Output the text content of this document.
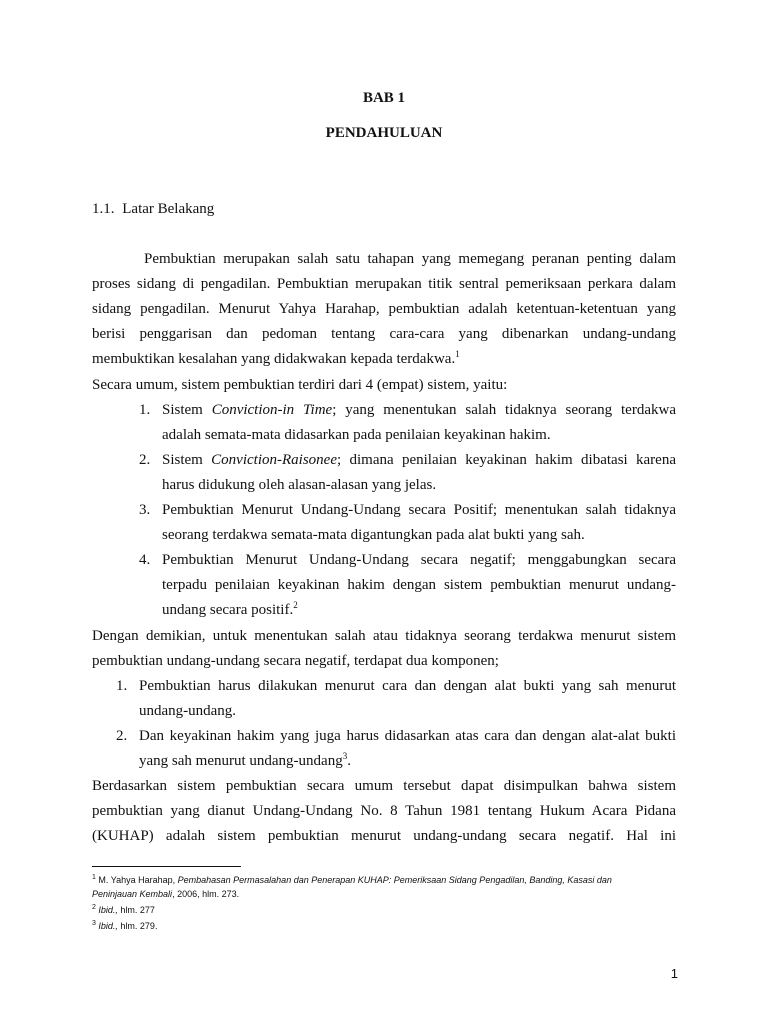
BAB 1
PENDAHULUAN
1.1. Latar Belakang
Pembuktian merupakan salah satu tahapan yang memegang peranan penting dalam
proses sidang di pengadilan. Pembuktian merupakan titik sentral pemeriksaan perkara dalam
sidang pengadilan. Menurut Yahya Harahap, pembuktian adalah ketentuan-ketentuan yang
berisi penggarisan dan pedoman tentang cara-cara yang dibenarkan undang-undang
membuktikan kesalahan yang didakwakan kepada terdakwa.$^1$
Secara umum, sistem pembuktian terdiri dari 4 (empat) sistem, yaitu:
1. Sistem Conviction-in Time; yang menentukan salah tidaknya seorang terdakwa
adalah semata-mata didasarkan pada penilaian keyakinan hakim.
2. Sistem Conviction-Raisonee; dimana penilaian keyakinan hakim dibatasi karena
harus didukung oleh alasan-alasan yang jelas.
3. Pembuktian Menurut Undang-Undang secara Positif; menentukan salah tidaknya
seorang terdakwa semata-mata digantungkan pada alat bukti yang sah.
4. Pembuktian Menurut Undang-Undang secara negatif; menggabungkan secara
terpadu penilaian keyakinan hakim dengan sistem pembuktian menurut undang-
undang secara positif.$^2$
Dengan demikian, untuk menentukan salah atau tidaknya seorang terdakwa menurut sistem
pembuktian undang-undang secara negatif, terdapat dua komponen;
1. Pembuktian harus dilakukan menurut cara dan dengan alat bukti yang sah menurut
undang-undang.
2. Dan keyakinan hakim yang juga harus didasarkan atas cara dan dengan alat-alat bukti
yang sah menurut undang-undang$^3$.
Berdasarkan sistem pembuktian secara umum tersebut dapat disimpulkan bahwa sistem
pembuktian yang dianut Undang-Undang No. 8 Tahun 1981 tentang Hukum Acara Pidana
(KUHAP) adalah sistem pembuktian menurut undang-undang secara negatif. Hal ini
$^1$ M. Yahya Harahap, Pembahasan Permasalahan dan Penerapan KUHAP: Pemeriksaan Sidang Pengadilan, Banding, Kasasi dan
Peninjauan Kembali, 2006, hlm. 273.
$^2$ Ibid., hlm. 277
$^3$ Ibid., hlm. 279.
1
